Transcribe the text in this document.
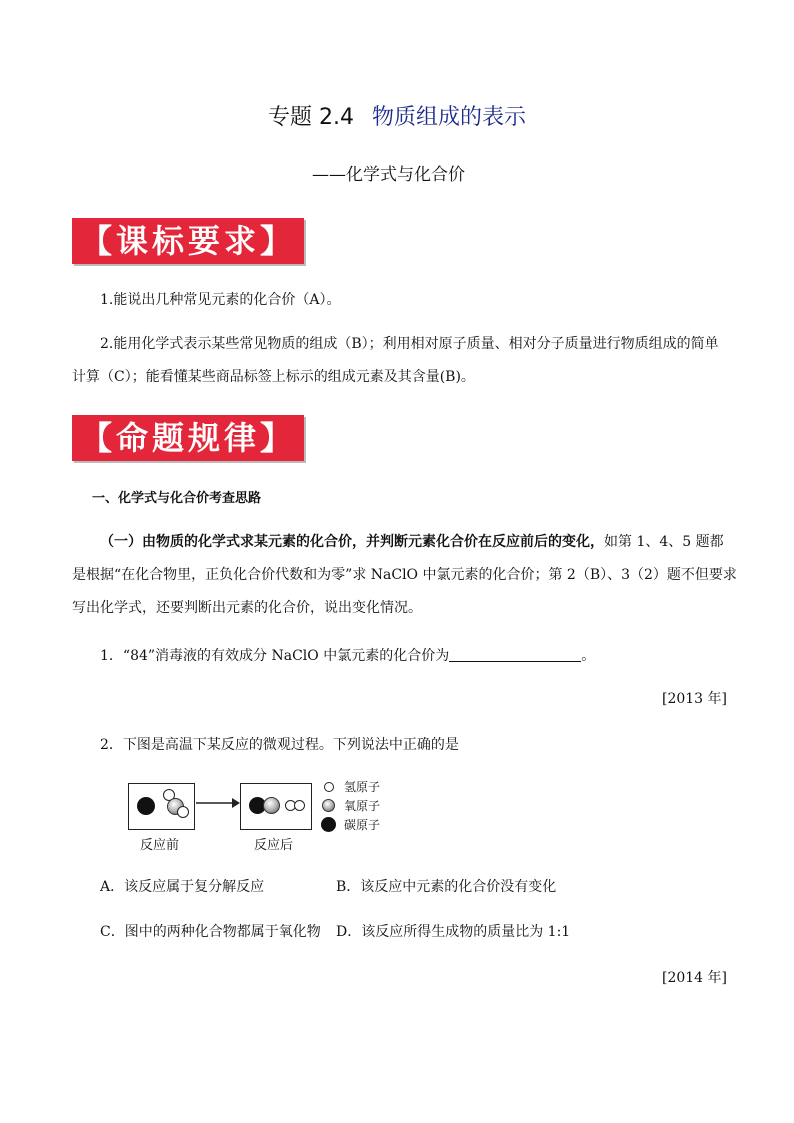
专题 2.4 物质组成的表示
——化学式与化合价
【课标要求】
1.能说出几种常见元素的化合价（A）。
2.能用化学式表示某些常见物质的组成（B）；利用相对原子质量、相对分子质量进行物质组成的简单
计算（C）；能看懂某些商品标签上标示的组成元素及其含量(B)。
【命题规律】
一、化学式与化合价考查思路
（一）由物质的化学式求某元素的化合价，并判断元素化合价在反应前后的变化，如第 1、4、5 题都
是根据“在化合物里，正负化合价代数和为零”求 NaClO 中氯元素的化合价；第 2（B）、3（2）题不但要求
写出化学式，还要判断出元素的化合价，说出变化情况。
1．“84”消毒液的有效成分 NaClO 中氯元素的化合价为	。
[2013 年]
2．下图是高温下某反应的微观过程。下列说法中正确的是
反应前	反应后
氢原子
氧原子
碳原子
A．该反应属于复分解反应	B．该反应中元素的化合价没有变化
C．图中的两种化合物都属于氧化物 D．该反应所得生成物的质量比为 1:1
[2014 年]
